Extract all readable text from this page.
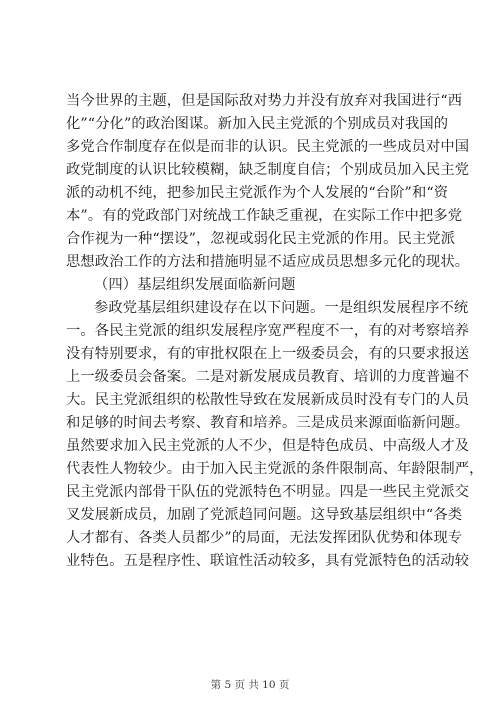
当今世界的主题，但是国际敌对势力并没有放弃对我国进行“西
化”“分化”的政治图谋。新加入民主党派的个别成员对我国的
多党合作制度存在似是而非的认识。民主党派的一些成员对中国
政党制度的认识比较模糊，缺乏制度自信；个别成员加入民主党
派的动机不纯，把参加民主党派作为个人发展的“台阶”和“资
本”。有的党政部门对统战工作缺乏重视，在实际工作中把多党
合作视为一种“摆设”，忽视或弱化民主党派的作用。民主党派
思想政治工作的方法和措施明显不适应成员思想多元化的现状。
（四）基层组织发展面临新问题
参政党基层组织建设存在以下问题。一是组织发展程序不统
一。各民主党派的组织发展程序宽严程度不一，有的对考察培养
没有特别要求，有的审批权限在上一级委员会，有的只要求报送
上一级委员会备案。二是对新发展成员教育、培训的力度普遍不
大。民主党派组织的松散性导致在发展新成员时没有专门的人员
和足够的时间去考察、教育和培养。三是成员来源面临新问题。
虽然要求加入民主党派的人不少，但是特色成员、中高级人才及
代表性人物较少。由于加入民主党派的条件限制高、年龄限制严，
民主党派内部骨干队伍的党派特色不明显。四是一些民主党派交
叉发展新成员，加剧了党派趋同问题。这导致基层组织中“各类
人才都有、各类人员都少”的局面，无法发挥团队优势和体现专
业特色。五是程序性、联谊性活动较多，具有党派特色的活动较
第 5 页 共 10 页
